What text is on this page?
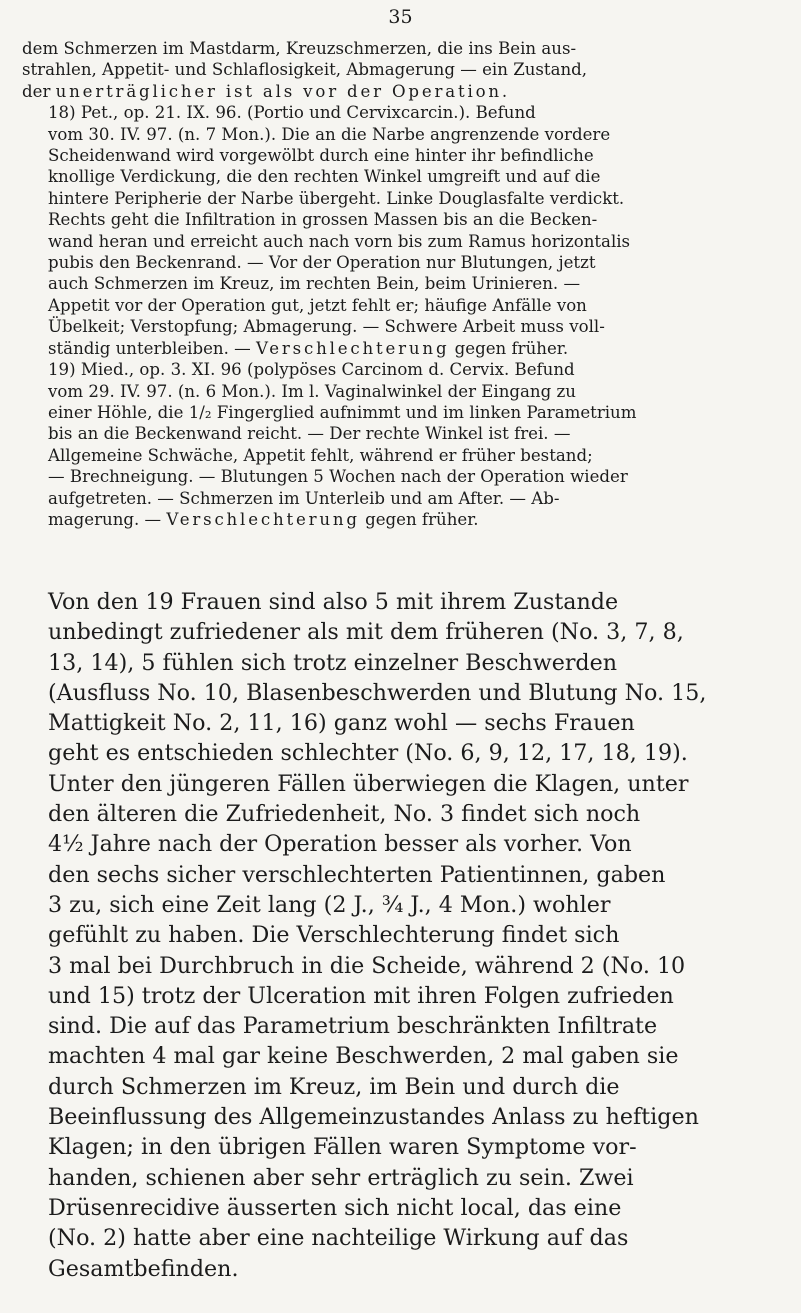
35

dem Schmerzen im Mastdarm, Kreuzschmerzen, die ins Bein aus-
strahlen, Appetit- und Schlaflosigkeit, Abmagerung — ein Zustand,
der unerträglicher ist als vor der Operation.

18) Pet., op. 21. IX. 96. (Portio und Cervixcarcin.). Befund
vom 30. IV. 97. (n. 7 Mon.). Die an die Narbe angrenzende vordere
Scheidenwand wird vorgewölbt durch eine hinter ihr befindliche
knollige Verdickung, die den rechten Winkel umgreift und auf die
hintere Peripherie der Narbe übergeht. Linke Douglasfalte verdickt.
Rechts geht die Infiltration in grossen Massen bis an die Becken-
wand heran und erreicht auch nach vorn bis zum Ramus horizontalis
pubis den Beckenrand. — Vor der Operation nur Blutungen, jetzt
auch Schmerzen im Kreuz, im rechten Bein, beim Urinieren. —
Appetit vor der Operation gut, jetzt fehlt er; häufige Anfälle von
Übelkeit; Verstopfung; Abmagerung. — Schwere Arbeit muss voll-
ständig unterbleiben. — Verschlechterung gegen früher.

19) Mied., op. 3. XI. 96 (polypöses Carcinom d. Cervix. Befund
vom 29. IV. 97. (n. 6 Mon.). Im l. Vaginalwinkel der Eingang zu
einer Höhle, die 1/₂ Fingerglied aufnimmt und im linken Parametrium
bis an die Beckenwand reicht. — Der rechte Winkel ist frei. —
Allgemeine Schwäche, Appetit fehlt, während er früher bestand;
— Brechneigung. — Blutungen 5 Wochen nach der Operation wieder
aufgetreten. — Schmerzen im Unterleib und am After. — Ab-
magerung. — Verschlechterung gegen früher.

Von den 19 Frauen sind also 5 mit ihrem Zustande
unbedingt zufriedener als mit dem früheren (No. 3, 7, 8,
13, 14), 5 fühlen sich trotz einzelner Beschwerden
(Ausfluss No. 10, Blasenbeschwerden und Blutung No. 15,
Mattigkeit No. 2, 11, 16) ganz wohl — sechs Frauen
geht es entschieden schlechter (No. 6, 9, 12, 17, 18, 19).
Unter den jüngeren Fällen überwiegen die Klagen, unter
den älteren die Zufriedenheit, No. 3 findet sich noch
4½ Jahre nach der Operation besser als vorher. Von
den sechs sicher verschlechterten Patientinnen, gaben
3 zu, sich eine Zeit lang (2 J., ¾ J., 4 Mon.) wohler
gefühlt zu haben. Die Verschlechterung findet sich
3 mal bei Durchbruch in die Scheide, während 2 (No. 10
und 15) trotz der Ulceration mit ihren Folgen zufrieden
sind. Die auf das Parametrium beschränkten Infiltrate
machten 4 mal gar keine Beschwerden, 2 mal gaben sie
durch Schmerzen im Kreuz, im Bein und durch die
Beeinflussung des Allgemeinzustandes Anlass zu heftigen
Klagen; in den übrigen Fällen waren Symptome vor-
handen, schienen aber sehr erträglich zu sein. Zwei
Drüsenrecidive äusserten sich nicht local, das eine
(No. 2) hatte aber eine nachteilige Wirkung auf das
Gesamtbefinden.
